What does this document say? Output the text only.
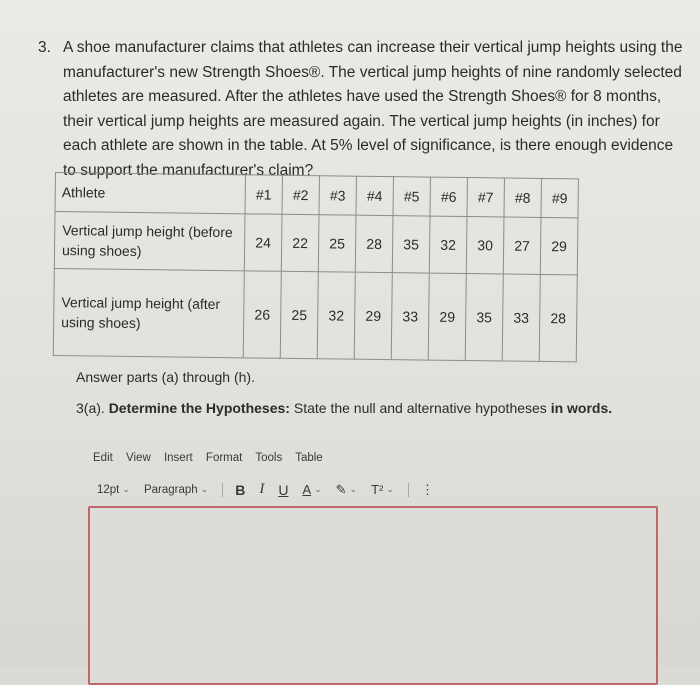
3. A shoe manufacturer claims that athletes can increase their vertical jump heights using the manufacturer's new Strength Shoes®. The vertical jump heights of nine randomly selected athletes are measured. After the athletes have used the Strength Shoes® for 8 months, their vertical jump heights are measured again. The vertical jump heights (in inches) for each athlete are shown in the table. At 5% level of significance, is there enough evidence to support the manufacturer's claim?
Athlete	#1	#2	#3	#4	#5	#6	#7	#8	#9
Vertical jump height (before
using shoes)	24	22	25	28	35	32	30	27	29
Vertical jump height (after
using shoes)	26	25	32	29	33	29	35	33	28
Answer parts (a) through (h).
3(a). Determine the Hypotheses: State the null and alternative hypotheses in words.
Edit View Insert Format Tools Table
12pt ⌄ Paragraph ⌄ B I U A ⌄ ✎ ⌄ T² ⌄ ⋮
